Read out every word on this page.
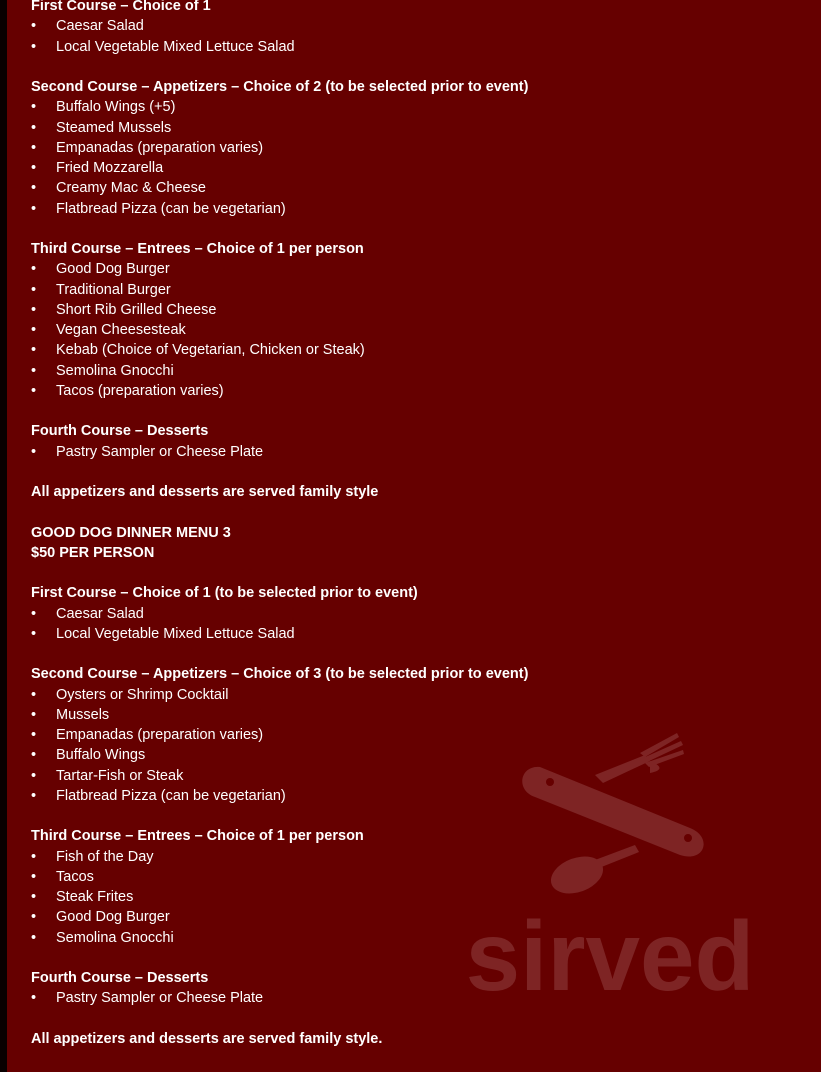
First Course – Choice of 1
•	Caesar Salad
•	Local Vegetable Mixed Lettuce Salad
Second Course – Appetizers – Choice of 2 (to be selected prior to event)
•	Buffalo Wings (+5)
•	Steamed Mussels
•	Empanadas (preparation varies)
•	Fried Mozzarella
•	Creamy Mac & Cheese
•	Flatbread Pizza (can be vegetarian)
Third Course – Entrees – Choice of 1 per person
•	Good Dog Burger
•	Traditional Burger
•	Short Rib Grilled Cheese
•	Vegan Cheesesteak
•	Kebab (Choice of Vegetarian, Chicken or Steak)
•	Semolina Gnocchi
•	Tacos (preparation varies)
Fourth Course – Desserts
•	Pastry Sampler or Cheese Plate
All appetizers and desserts are served family style
GOOD DOG DINNER MENU 3
$50 PER PERSON
First Course – Choice of 1 (to be selected prior to event)
•	Caesar Salad
•	Local Vegetable Mixed Lettuce Salad
Second Course – Appetizers – Choice of 3 (to be selected prior to event)
•	Oysters or Shrimp Cocktail
•	Mussels
•	Empanadas (preparation varies)
•	Buffalo Wings
•	Tartar-Fish or Steak
•	Flatbread Pizza (can be vegetarian)
Third Course – Entrees – Choice of 1 per person
•	Fish of the Day
•	Tacos
•	Steak Frites
•	Good Dog Burger
•	Semolina Gnocchi
Fourth Course – Desserts
•	Pastry Sampler or Cheese Plate
All appetizers and desserts are served family style.
sirved
